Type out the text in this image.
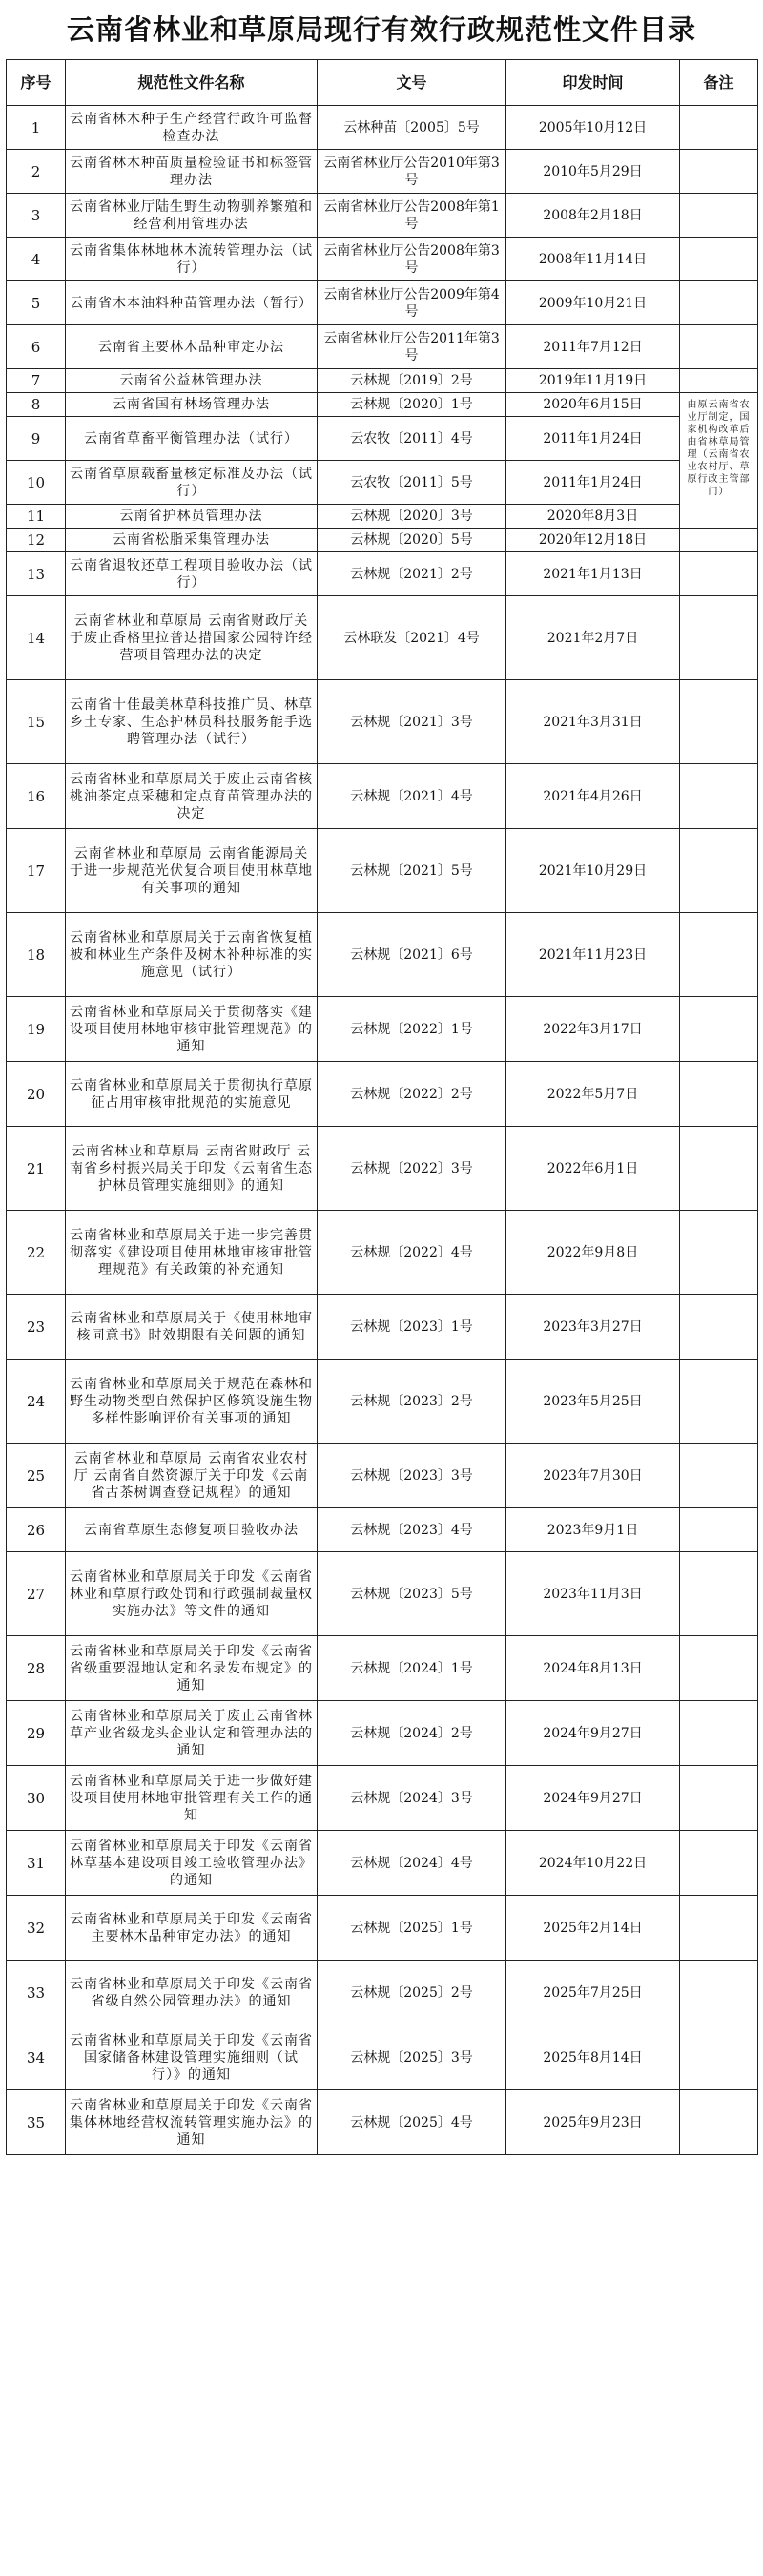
云南省林业和草原局现行有效行政规范性文件目录
序号	规范性文件名称	文号	印发时间	备注
1	云南省林木种子生产经营行政许可监督检查办法	云林种苗〔2005〕5号	2005年10月12日	
2	云南省林木种苗质量检验证书和标签管理办法	云南省林业厅公告2010年第3号	2010年5月29日	
3	云南省林业厅陆生野生动物驯养繁殖和经营利用管理办法	云南省林业厅公告2008年第1号	2008年2月18日	
4	云南省集体林地林木流转管理办法（试行）	云南省林业厅公告2008年第3号	2008年11月14日	
5	云南省木本油料种苗管理办法（暂行）	云南省林业厅公告2009年第4号	2009年10月21日	
6	云南省主要林木品种审定办法	云南省林业厅公告2011年第3号	2011年7月12日	
7	云南省公益林管理办法	云林规〔2019〕2号	2019年11月19日	
8	云南省国有林场管理办法	云林规〔2020〕1号	2020年6月15日	由原云南省农业厅制定，国家机构改革后由省林草局管理（云南省农业农村厅、草原行政主管部门）
9	云南省草畜平衡管理办法（试行）	云农牧〔2011〕4号	2011年1月24日	
10	云南省草原载畜量核定标准及办法（试行）	云农牧〔2011〕5号	2011年1月24日	
11	云南省护林员管理办法	云林规〔2020〕3号	2020年8月3日	
12	云南省松脂采集管理办法	云林规〔2020〕5号	2020年12月18日	
13	云南省退牧还草工程项目验收办法（试行）	云林规〔2021〕2号	2021年1月13日	
14	云南省林业和草原局 云南省财政厅关于废止香格里拉普达措国家公园特许经营项目管理办法的决定	云林联发〔2021〕4号	2021年2月7日	
15	云南省十佳最美林草科技推广员、林草乡土专家、生态护林员科技服务能手选聘管理办法（试行）	云林规〔2021〕3号	2021年3月31日	
16	云南省林业和草原局关于废止云南省核桃油茶定点采穗和定点育苗管理办法的决定	云林规〔2021〕4号	2021年4月26日	
17	云南省林业和草原局 云南省能源局关于进一步规范光伏复合项目使用林草地有关事项的通知	云林规〔2021〕5号	2021年10月29日	
18	云南省林业和草原局关于云南省恢复植被和林业生产条件及树木补种标准的实施意见（试行）	云林规〔2021〕6号	2021年11月23日	
19	云南省林业和草原局关于贯彻落实《建设项目使用林地审核审批管理规范》的通知	云林规〔2022〕1号	2022年3月17日	
20	云南省林业和草原局关于贯彻执行草原征占用审核审批规范的实施意见	云林规〔2022〕2号	2022年5月7日	
21	云南省林业和草原局 云南省财政厅 云南省乡村振兴局关于印发《云南省生态护林员管理实施细则》的通知	云林规〔2022〕3号	2022年6月1日	
22	云南省林业和草原局关于进一步完善贯彻落实《建设项目使用林地审核审批管理规范》有关政策的补充通知	云林规〔2022〕4号	2022年9月8日	
23	云南省林业和草原局关于《使用林地审核同意书》时效期限有关问题的通知	云林规〔2023〕1号	2023年3月27日	
24	云南省林业和草原局关于规范在森林和野生动物类型自然保护区修筑设施生物多样性影响评价有关事项的通知	云林规〔2023〕2号	2023年5月25日	
25	云南省林业和草原局 云南省农业农村厅 云南省自然资源厅关于印发《云南省古茶树调查登记规程》的通知	云林规〔2023〕3号	2023年7月30日	
26	云南省草原生态修复项目验收办法	云林规〔2023〕4号	2023年9月1日	
27	云南省林业和草原局关于印发《云南省林业和草原行政处罚和行政强制裁量权实施办法》等文件的通知	云林规〔2023〕5号	2023年11月3日	
28	云南省林业和草原局关于印发《云南省省级重要湿地认定和名录发布规定》的通知	云林规〔2024〕1号	2024年8月13日	
29	云南省林业和草原局关于废止云南省林草产业省级龙头企业认定和管理办法的通知	云林规〔2024〕2号	2024年9月27日	
30	云南省林业和草原局关于进一步做好建设项目使用林地审批管理有关工作的通知	云林规〔2024〕3号	2024年9月27日	
31	云南省林业和草原局关于印发《云南省林草基本建设项目竣工验收管理办法》的通知	云林规〔2024〕4号	2024年10月22日	
32	云南省林业和草原局关于印发《云南省主要林木品种审定办法》的通知	云林规〔2025〕1号	2025年2月14日	
33	云南省林业和草原局关于印发《云南省省级自然公园管理办法》的通知	云林规〔2025〕2号	2025年7月25日	
34	云南省林业和草原局关于印发《云南省国家储备林建设管理实施细则（试行）》的通知	云林规〔2025〕3号	2025年8月14日	
35	云南省林业和草原局关于印发《云南省集体林地经营权流转管理实施办法》的通知	云林规〔2025〕4号	2025年9月23日	
